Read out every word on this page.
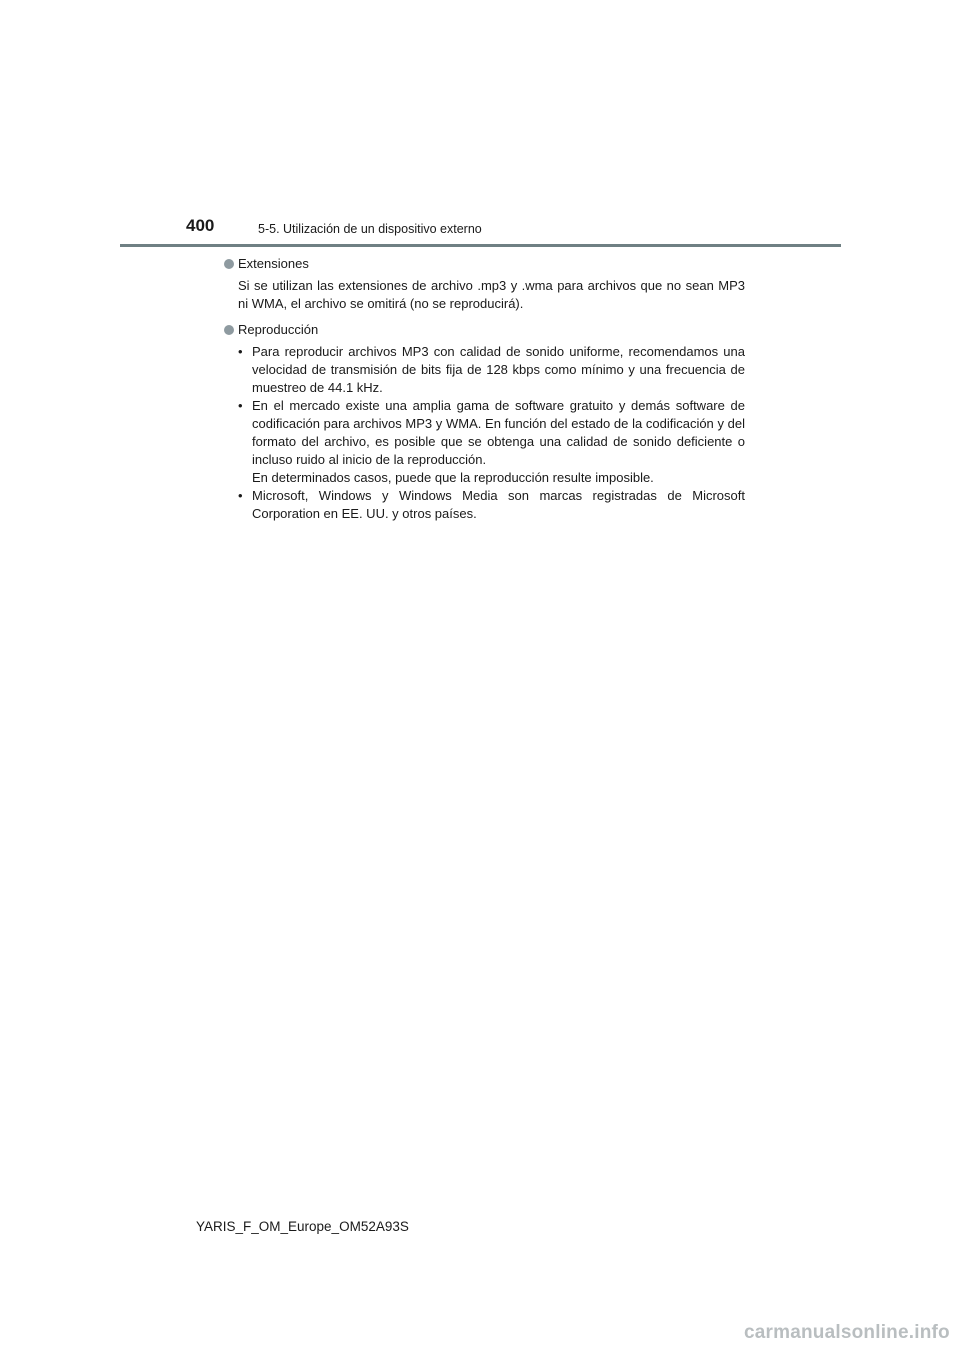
400	5-5. Utilización de un dispositivo externo
Extensiones

Si se utilizan las extensiones de archivo .mp3 y .wma para archivos que no sean MP3 ni WMA, el archivo se omitirá (no se reproducirá).

Reproducción
• Para reproducir archivos MP3 con calidad de sonido uniforme, recomendamos una velocidad de transmisión de bits fija de 128 kbps como mínimo y una frecuencia de muestreo de 44.1 kHz.
• En el mercado existe una amplia gama de software gratuito y demás software de codificación para archivos MP3 y WMA. En función del estado de la codificación y del formato del archivo, es posible que se obtenga una calidad de sonido deficiente o incluso ruido al inicio de la reproducción.
En determinados casos, puede que la reproducción resulte imposible.
• Microsoft, Windows y Windows Media son marcas registradas de Microsoft Corporation en EE. UU. y otros países.
YARIS_F_OM_Europe_OM52A93S
carmanualsonline.info
